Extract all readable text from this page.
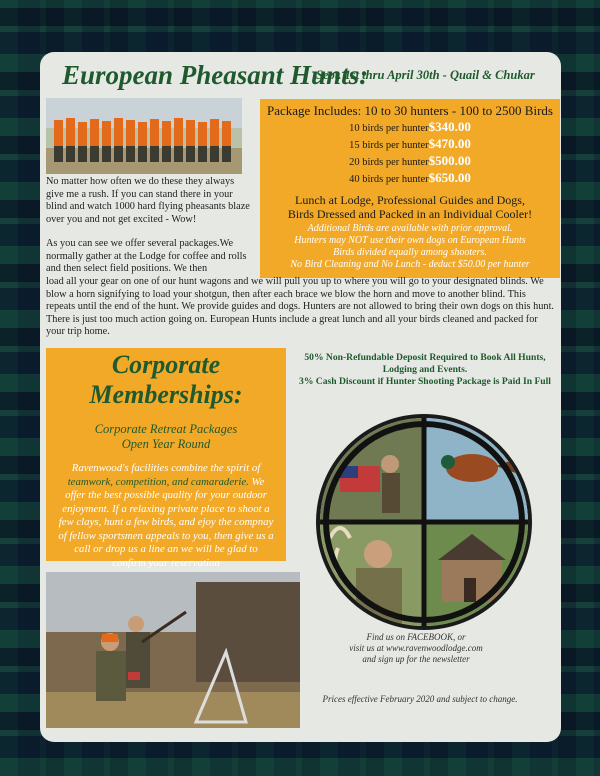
European Pheasant Hunts:
Sept. 1st thru April 30th - Quail & Chukar
Package Includes: 10 to 30 hunters - 100 to 2500 Birds
10 birds per hunter$340.00
15 birds per hunter$470.00
20 birds per hunter$500.00
40 birds per hunter$650.00
Lunch at Lodge, Professional Guides and Dogs,
Birds Dressed and Packed in an Individual Cooler!
Additional Birds are available with prior approval.
Hunters may NOT use their own dogs on European Hunts
Birds divided equally among shooters.
No Bird Cleaning and No Lunch - deduct $50.00 per hunter
No matter how often we do these they always give me a rush. If you can stand there in your blind and watch 1000 hard flying pheasants blaze over you and not get excited - Wow!
As you can see we offer several packages.We normally gather at the Lodge for coffee and rolls and then select field positions. We then
load all your gear on one of our hunt wagons and we will pull you up to where you will go to your designated blinds. We blow a horn signifying to load your shotgun, then after each brace we blow the horn and move to another blind. This repeats until the end of the hunt. We provide guides and dogs. Hunters are not allowed to bring their own dogs on this hunt. There is just too much action going on. European Hunts include a great lunch and all your birds cleaned and packed for your trip home.
Corporate Memberships:
Corporate Retreat Packages
Open Year Round
Ravenwood's facilities combine the spirit of teamwork, competition, and camaraderie. We offer the best possible quality for your outdoor enjoyment. If a relaxing private place to shoot a few clays, hunt a few birds, and ejoy the compnay of fellow sportsmen appeals to you, then give us a call or drop us a line an we will be glad to confirm your reservation
50% Non-Refundable Deposit Required to Book All Hunts, Lodging and Events.
3% Cash Discount if Hunter Shooting Package is Paid In Full
Find us on FACEBOOK, or
visit us at www.ravenwoodlodge.com
and sign up for the newsletter
Prices effective February 2020 and subject to change.
